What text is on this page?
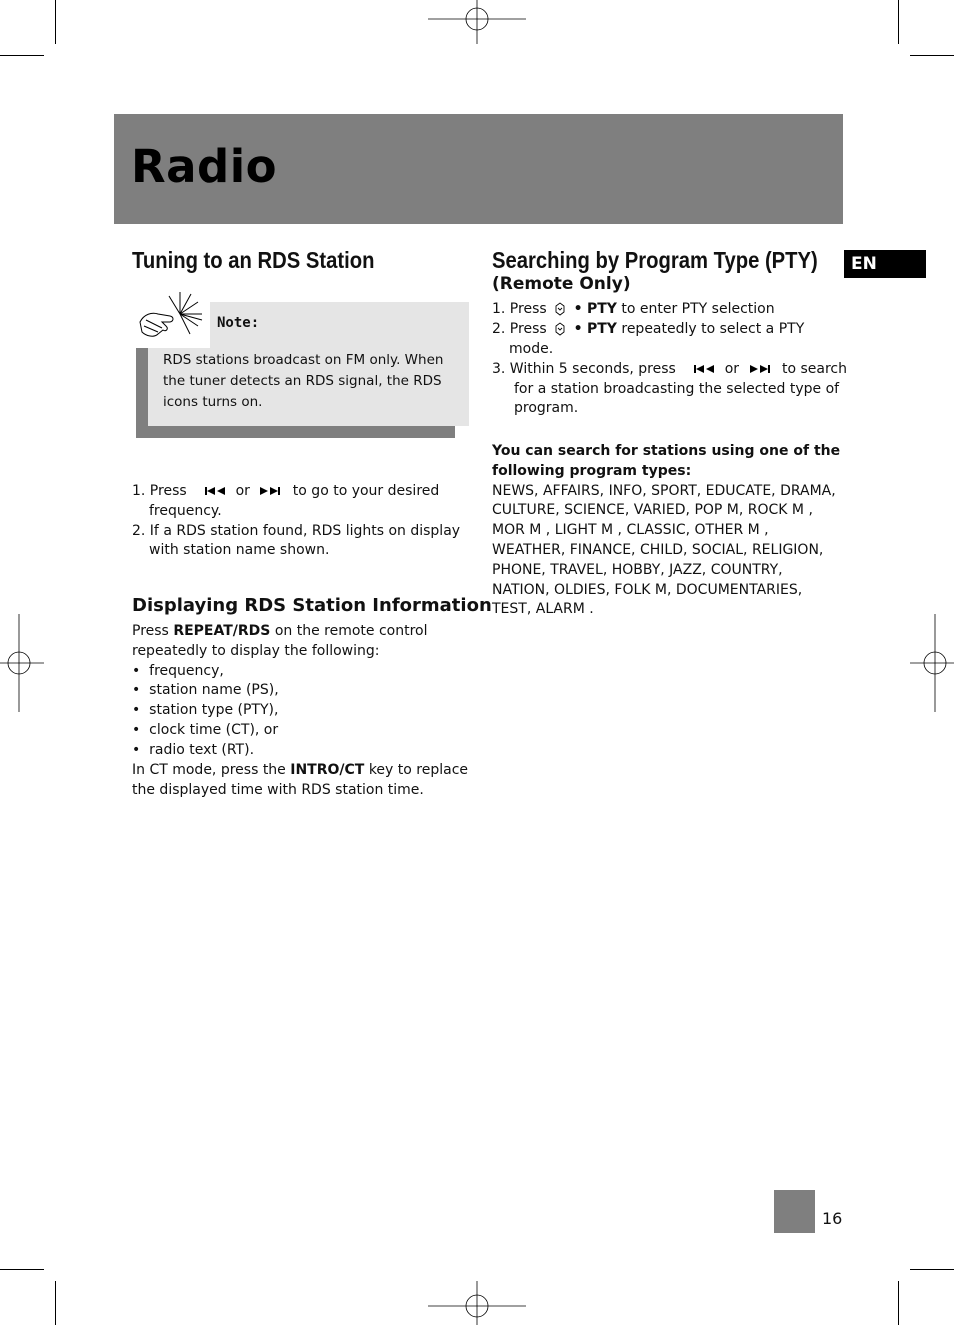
Radio
EN
Tuning to an RDS Station
Note:
RDS stations broadcast on FM only. When
the tuner detects an RDS signal, the RDS
icons turns on.
1. Press	or	to go to your desired
frequency.
2. If a RDS station found, RDS lights on display
with station name shown.
Displaying RDS Station Information
Press REPEAT/RDS on the remote control
repeatedly to display the following:
•  frequency,
•  station name (PS),
•  station type (PTY),
•  clock time (CT), or
•  radio text (RT).
In CT mode, press the INTRO/CT key to replace
the displayed time with RDS station time.
Searching by Program Type (PTY)
(Remote Only)
1. Press • PTY to enter PTY selection
2. Press • PTY repeatedly to select a PTY
mode.
3. Within 5 seconds, press	or	to search
for a station broadcasting the selected type of
program.
You can search for stations using one of the
following program types:
NEWS, AFFAIRS, INFO, SPORT, EDUCATE, DRAMA,
CULTURE, SCIENCE, VARIED, POP M, ROCK M ,
MOR M , LIGHT M , CLASSIC, OTHER M ,
WEATHER, FINANCE, CHILD, SOCIAL, RELIGION,
PHONE, TRAVEL, HOBBY, JAZZ, COUNTRY,
NATION, OLDIES, FOLK M, DOCUMENTARIES,
TEST, ALARM .
16
